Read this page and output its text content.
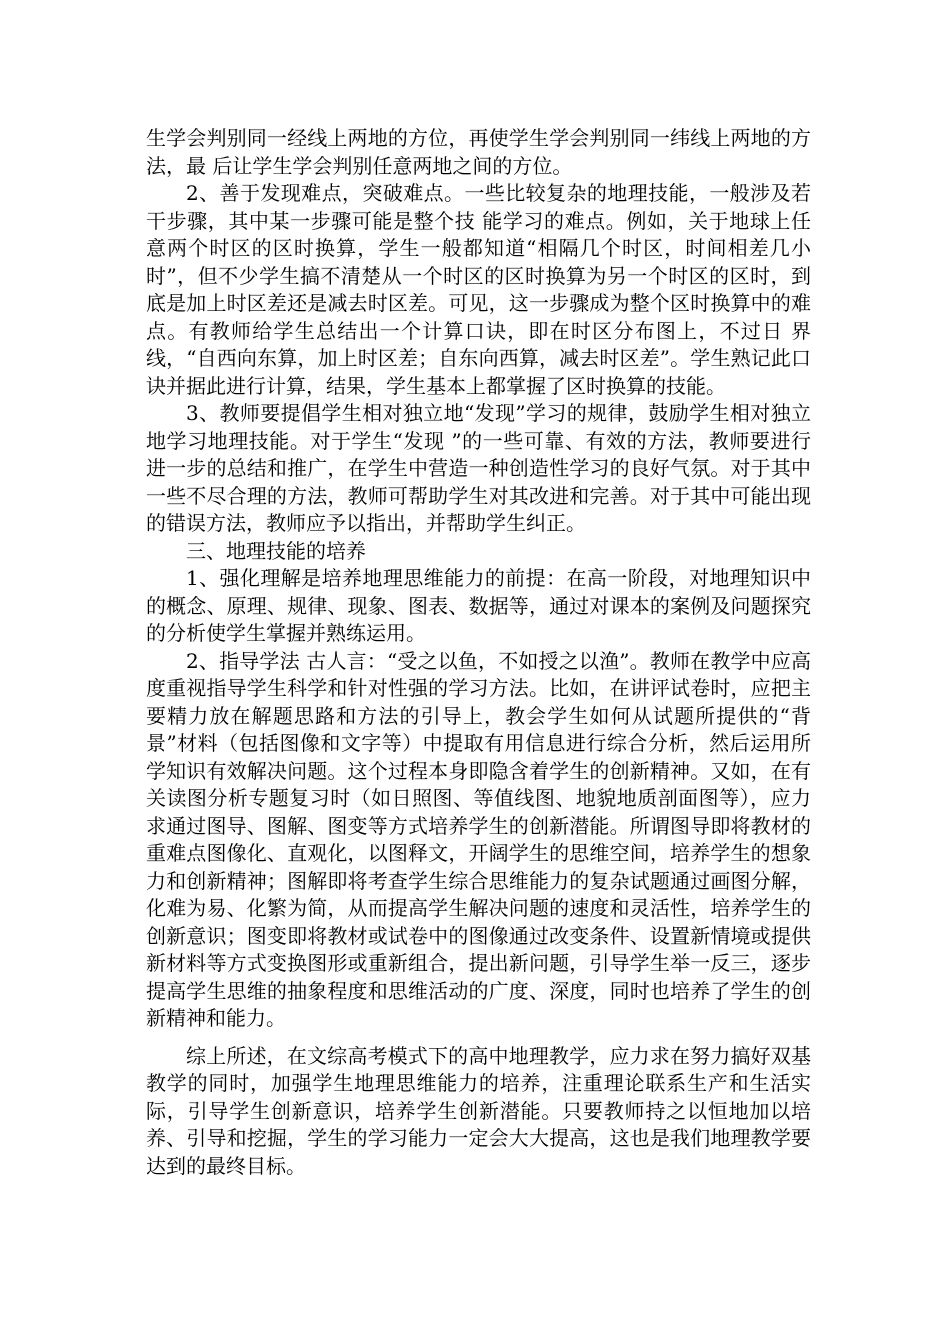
生学会判别同一经线上两地的方位，再使学生学会判别同一纬线上两地的方法，最 后让学生学会判别任意两地之间的方位。

2、善于发现难点，突破难点。一些比较复杂的地理技能，一般涉及若干步骤，其中某一步骤可能是整个技 能学习的难点。例如，关于地球上任意两个时区的区时换算，学生一般都知道“相隔几个时区，时间相差几小 时”，但不少学生搞不清楚从一个时区的区时换算为另一个时区的区时，到底是加上时区差还是减去时区差。可见，这一步骤成为整个区时换算中的难点。有教师给学生总结出一个计算口诀，即在时区分布图上，不过日 界线，“自西向东算，加上时区差；自东向西算，减去时区差”。学生熟记此口诀并据此进行计算，结果，学生基本上都掌握了区时换算的技能。

3、教师要提倡学生相对独立地“发现”学习的规律，鼓励学生相对独立地学习地理技能。对于学生“发现 ”的一些可靠、有效的方法，教师要进行进一步的总结和推广，在学生中营造一种创造性学习的良好气氛。对于其中一些不尽合理的方法，教师可帮助学生对其改进和完善。对于其中可能出现的错误方法，教师应予以指出，并帮助学生纠正。

三、地理技能的培养

1、强化理解是培养地理思维能力的前提：在高一阶段，对地理知识中的概念、原理、规律、现象、图表、数据等，通过对课本的案例及问题探究的分析使学生掌握并熟练运用。

2、指导学法 古人言：“受之以鱼，不如授之以渔”。教师在教学中应高度重视指导学生科学和针对性强的学习方法。比如，在讲评试卷时，应把主要精力放在解题思路和方法的引导上，教会学生如何从试题所提供的“背景”材料（包括图像和文字等）中提取有用信息进行综合分析，然后运用所学知识有效解决问题。这个过程本身即隐含着学生的创新精神。又如，在有关读图分析专题复习时（如日照图、等值线图、地貌地质剖面图等），应力求通过图导、图解、图变等方式培养学生的创新潜能。所谓图导即将教材的重难点图像化、直观化，以图释文，开阔学生的思维空间，培养学生的想象力和创新精神；图解即将考查学生综合思维能力的复杂试题通过画图分解，化难为易、化繁为简，从而提高学生解决问题的速度和灵活性，培养学生的创新意识；图变即将教材或试卷中的图像通过改变条件、设置新情境或提供新材料等方式变换图形或重新组合，提出新问题，引导学生举一反三，逐步提高学生思维的抽象程度和思维活动的广度、深度，同时也培养了学生的创新精神和能力。

综上所述，在文综高考模式下的高中地理教学，应力求在努力搞好双基教学的同时，加强学生地理思维能力的培养，注重理论联系生产和生活实际，引导学生创新意识，培养学生创新潜能。只要教师持之以恒地加以培养、引导和挖掘，学生的学习能力一定会大大提高，这也是我们地理教学要达到的最终目标。
